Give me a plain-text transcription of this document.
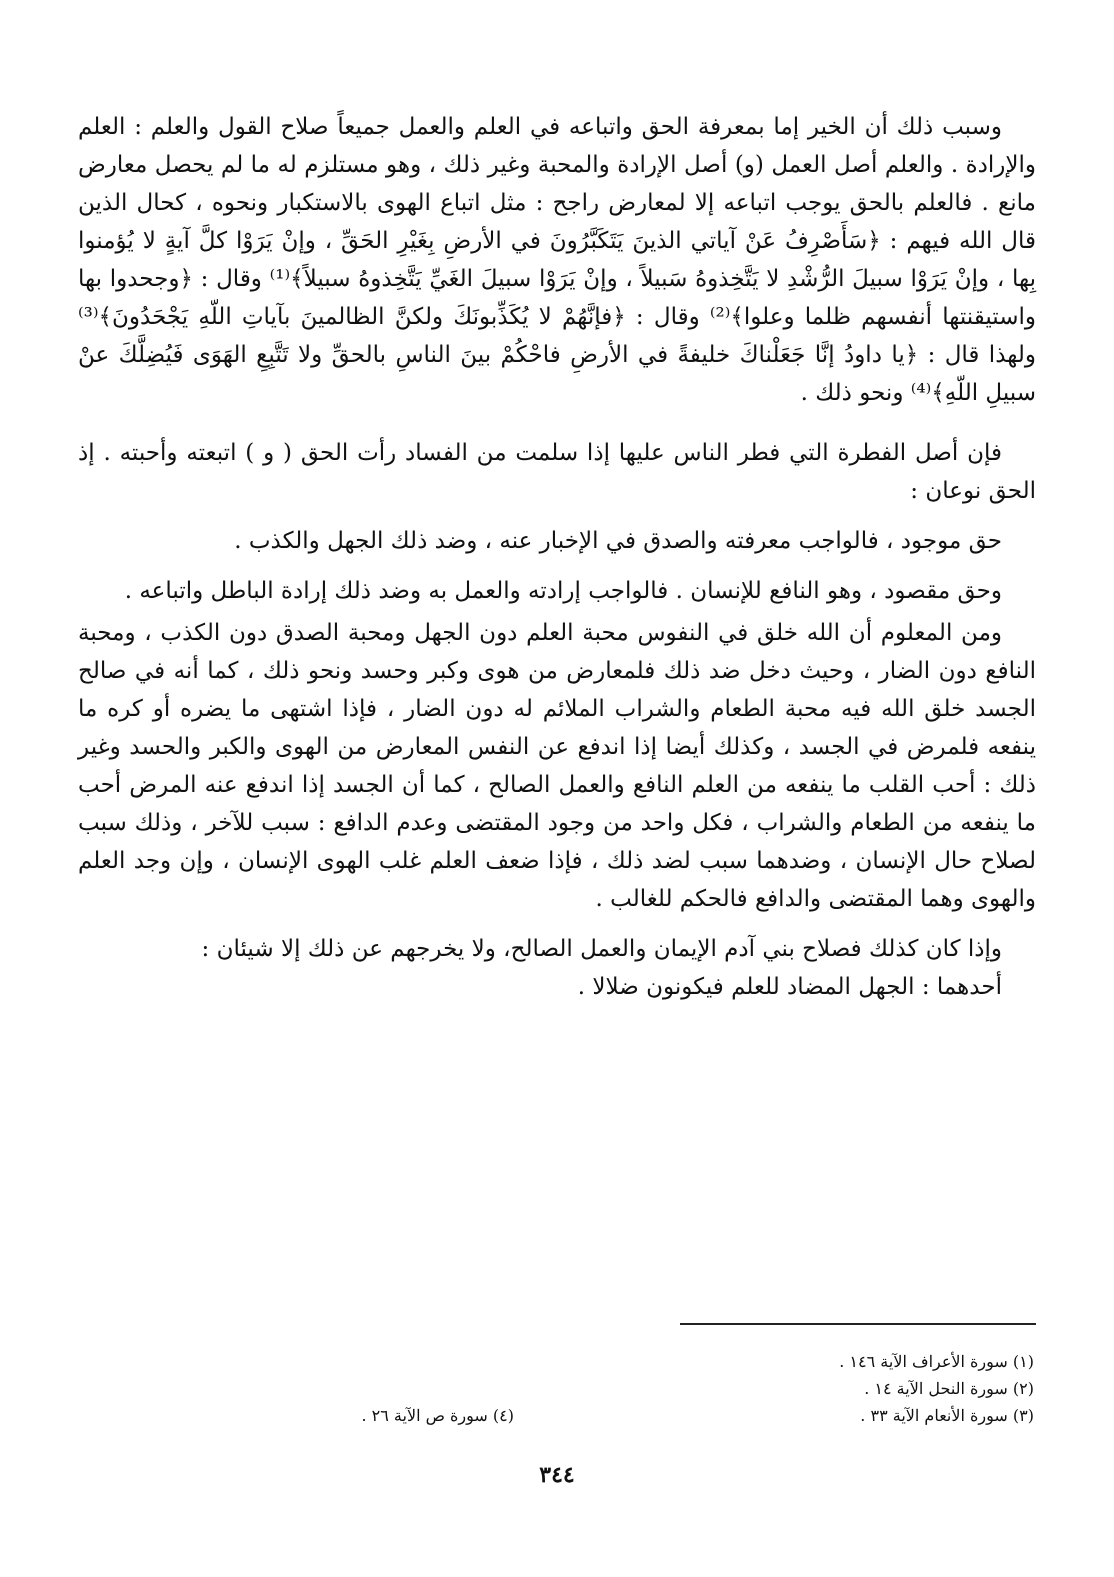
وسبب ذلك أن الخير إما بمعرفة الحق واتباعه في العلم والعمل جميعاً صلاح القول والعلم : العلم والإرادة . والعلم أصل العمل (و) أصل الإرادة والمحبة وغير ذلك ، وهو مستلزم له ما لم يحصل معارض مانع . فالعلم بالحق يوجب اتباعه إلا لمعارض راجح : مثل اتباع الهوى بالاستكبار ونحوه ، كحال الذين قال الله فيهم : ﴿سَأَصْرِفُ عَنْ آياتي الذينَ يَتَكَبَّرُونَ في الأرضِ بِغَيْرِ الحَقِّ ، وإنْ يَرَوْا كلَّ آيةٍ لا يُؤمنوا بِها ، وإنْ يَرَوْا سبيلَ الرُّشْدِ لا يَتَّخِذوهُ سَبيلاً ، وإنْ يَرَوْا سبيلَ الغَيِّ يَتَّخِذوهُ سبيلاً﴾⁽¹⁾ وقال : ﴿وجحدوا بها واستيقنتها أنفسهم ظلما وعلوا﴾⁽²⁾ وقال : ﴿فإنَّهُمْ لا يُكَذِّبونَكَ ولكنَّ الظالمينَ بآياتِ اللّهِ يَجْحَدُونَ﴾⁽³⁾ ولهذا قال : ﴿يا داودُ إنَّا جَعَلْناكَ خليفةً في الأرضِ فاحْكُمْ بينَ الناسِ بالحقِّ ولا تَتَّبِعِ الهَوَى فَيُضِلَّكَ عنْ سبيلِ اللّهِ﴾⁽⁴⁾ ونحو ذلك .

فإن أصل الفطرة التي فطر الناس عليها إذا سلمت من الفساد رأت الحق ( و ) اتبعته وأحبته . إذ الحق نوعان :

حق موجود ، فالواجب معرفته والصدق في الإخبار عنه ، وضد ذلك الجهل والكذب .

وحق مقصود ، وهو النافع للإنسان . فالواجب إرادته والعمل به وضد ذلك إرادة الباطل واتباعه .

ومن المعلوم أن الله خلق في النفوس محبة العلم دون الجهل ومحبة الصدق دون الكذب ، ومحبة النافع دون الضار ، وحيث دخل ضد ذلك فلمعارض من هوى وكبر وحسد ونحو ذلك ، كما أنه في صالح الجسد خلق الله فيه محبة الطعام والشراب الملائم له دون الضار ، فإذا اشتهى ما يضره أو كره ما ينفعه فلمرض في الجسد ، وكذلك أيضا إذا اندفع عن النفس المعارض من الهوى والكبر والحسد وغير ذلك : أحب القلب ما ينفعه من العلم النافع والعمل الصالح ، كما أن الجسد إذا اندفع عنه المرض أحب ما ينفعه من الطعام والشراب ، فكل واحد من وجود المقتضى وعدم الدافع : سبب للآخر ، وذلك سبب لصلاح حال الإنسان ، وضدهما سبب لضد ذلك ، فإذا ضعف العلم غلب الهوى الإنسان ، وإن وجد العلم والهوى وهما المقتضى والدافع فالحكم للغالب .

وإذا كان كذلك فصلاح بني آدم الإيمان والعمل الصالح، ولا يخرجهم عن ذلك إلا شيئان :

أحدهما : الجهل المضاد للعلم فيكونون ضلالا .

(١) سورة الأعراف الآية ١٤٦ .

(٢) سورة النحل الآية ١٤ .

(٣) سورة الأنعام الآية ٣٣ .

(٤) سورة ص الآية ٢٦ .

٣٤٤
